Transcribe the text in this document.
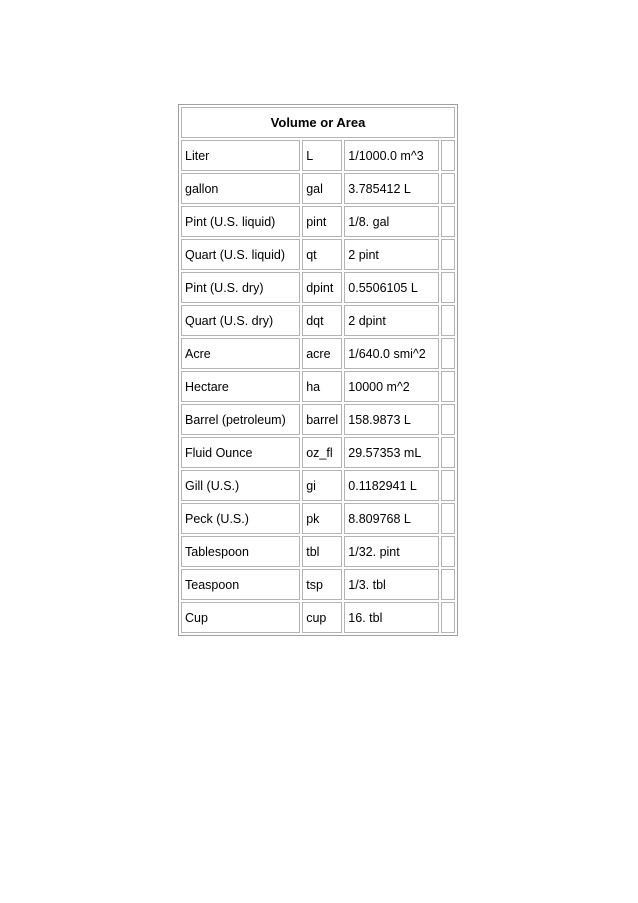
Volume or Area			
Liter	L	1/1000.0 m^3	
gallon	gal	3.785412 L	
Pint (U.S. liquid)	pint	1/8. gal	
Quart (U.S. liquid)	qt	2 pint	
Pint (U.S. dry)	dpint	0.5506105 L	
Quart (U.S. dry)	dqt	2 dpint	
Acre	acre	1/640.0 smi^2	
Hectare	ha	10000 m^2	
Barrel (petroleum)	barrel	158.9873 L	
Fluid Ounce	oz_fl	29.57353 mL	
Gill (U.S.)	gi	0.1182941 L	
Peck (U.S.)	pk	8.809768 L	
Tablespoon	tbl	1/32. pint	
Teaspoon	tsp	1/3. tbl	
Cup	cup	16. tbl	
